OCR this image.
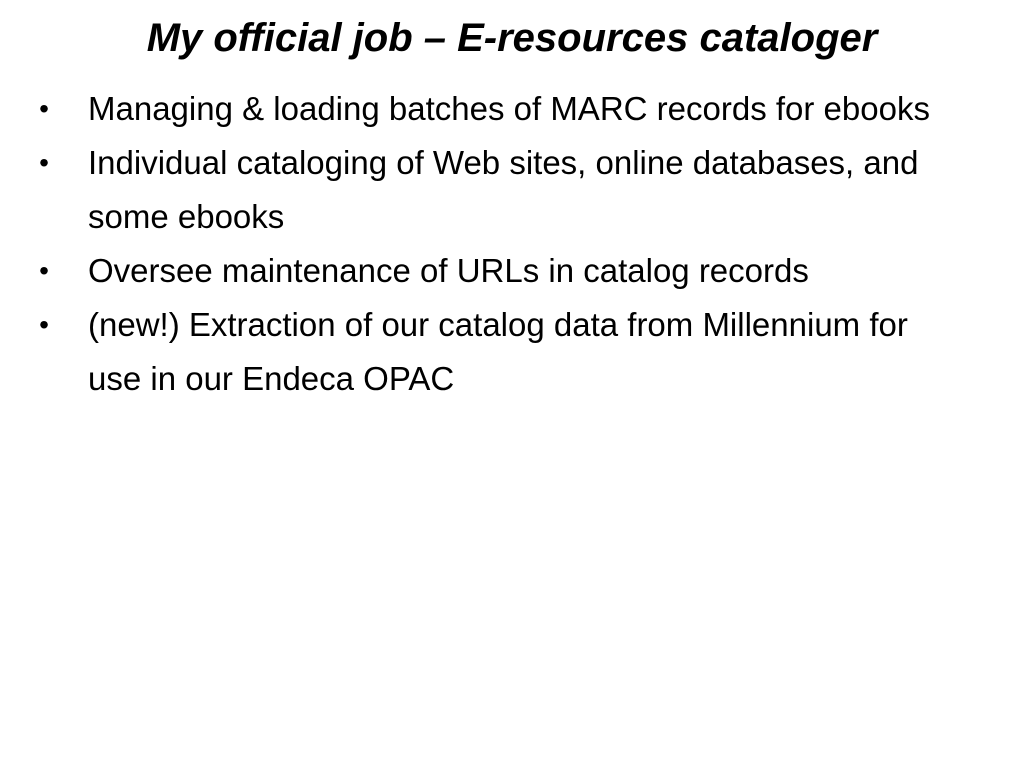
My official job – E-resources cataloger
• Managing & loading batches of MARC records for ebooks
• Individual cataloging of Web sites, online databases, and some ebooks
• Oversee maintenance of URLs in catalog records
• (new!) Extraction of our catalog data from Millennium for use in our Endeca OPAC
